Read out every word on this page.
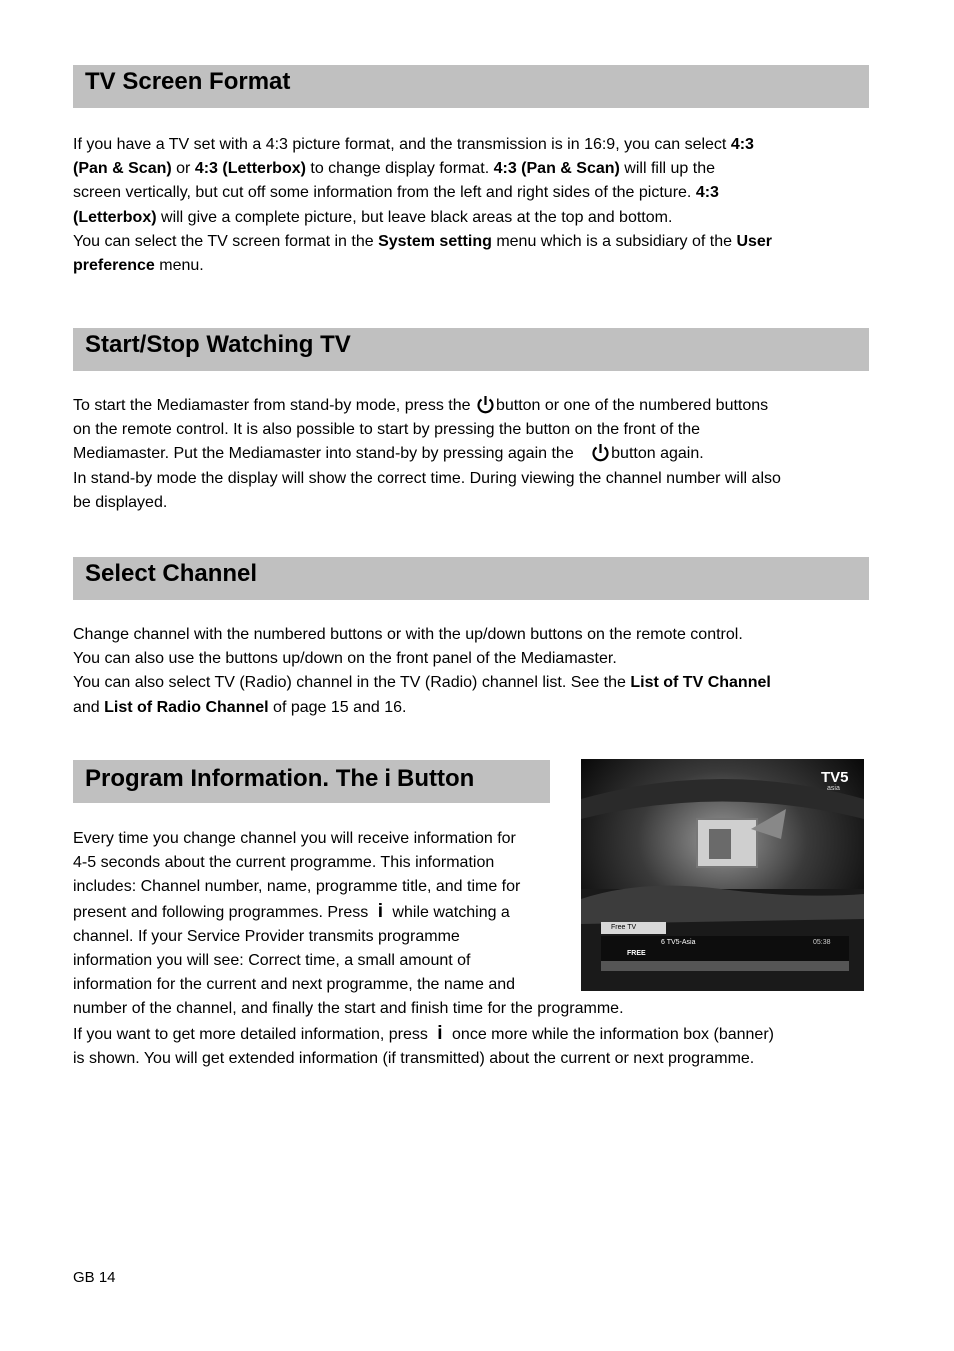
TV Screen Format
If you have a TV set with a 4:3 picture format, and the transmission is in 16:9, you can select 4:3
(Pan & Scan) or 4:3 (Letterbox) to change display format. 4:3 (Pan & Scan) will fill up the
screen vertically, but cut off some information from the left and right sides of the picture. 4:3
(Letterbox) will give a complete picture, but leave black areas at the top and bottom.
You can select the TV screen format in the System setting menu which is a subsidiary of the User
preference menu.
Start/Stop Watching TV
To start the Mediamaster from stand-by mode, press the button or one of the numbered buttons
on the remote control. It is also possible to start by pressing the button on the front of the
Mediamaster. Put the Mediamaster into stand-by by pressing again the button again.
In stand-by mode the display will show the correct time. During viewing the channel number will also
be displayed.
Select Channel
Change channel with the numbered buttons or with the up/down buttons on the remote control.
You can also use the buttons up/down on the front panel of the Mediamaster.
You can also select TV (Radio) channel in the TV (Radio) channel list. See the List of TV Channel
and List of Radio Channel of page 15 and 16.
Program Information. TheiButton	TV5
asia
Free TV
6 TV5-Asia	05:38
FREE
Every time you change channel you will receive information for
4-5 seconds about the current programme. This information
includes: Channel number, name, programme title, and time for
present and following programmes. Press i while watching a
channel. If your Service Provider transmits programme
information you will see: Correct time, a small amount of
information for the current and next programme, the name and
number of the channel, and finally the start and finish time for the programme.
If you want to get more detailed information, press i once more while the information box (banner)
is shown. You will get extended information (if transmitted) about the current or next programme.
GB 14
